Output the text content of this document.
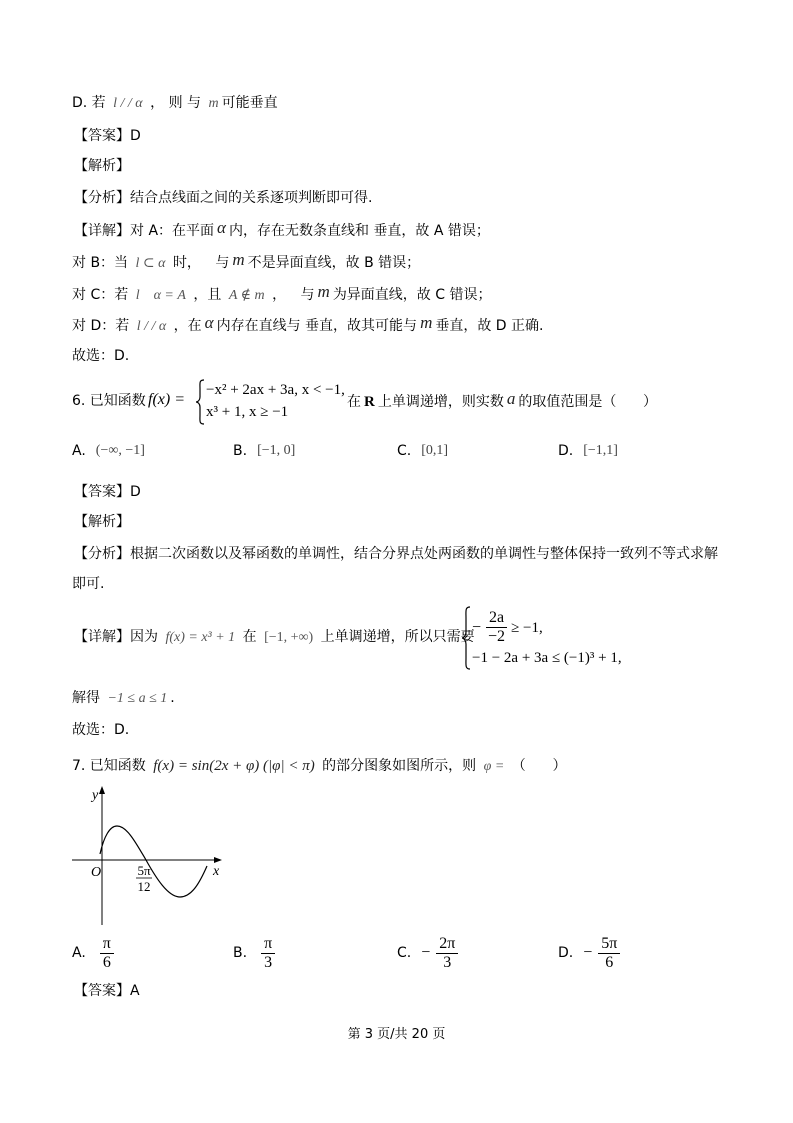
D. 若 l / / α ， 则 与 m 可能垂直
【答案】D
【解析】
【分析】结合点线面之间的关系逐项判断即可得.
【详解】对 A：在平面 α 内，存在无数条直线和 垂直，故 A 错误；
对 B：当 l ⊂ α 时， 与 m 不是异面直线，故 B 错误；
对 C：若 l    α = A ，且 A ∉ m ， 与 m 为异面直线，故 C 错误；
对 D：若 l / / α ，在 α 内存在直线与 垂直，故其可能与 m 垂直，故 D 正确.
故选：D.
6. 已知函数 f(x) =
−x² + 2ax + 3a, x < −1,
x³ + 1, x ≥ −1
在 R 上单调递增，则实数 a 的取值范围是（      ）
A. (−∞, −1]	B. [−1, 0]	C. [0,1]	D. [−1,1]
【答案】D
【解析】
【分析】根据二次函数以及幂函数的单调性，结合分界点处两函数的单调性与整体保持一致列不等式求解
即可.
【详解】因为 f(x) = x³ + 1 在 [−1, +∞) 上单调递增，所以只需要
− $\frac{2a}{-2} \ge -1$,
−1 − 2a + 3a ≤ (−1)³ + 1,
解得 −1 ≤ a ≤ 1 .
故选：D.
7. 已知函数 f(x) = sin(2x + φ) (|φ| < π) 的部分图象如图所示，则 φ = （      ）
y
O	x
5π
12
A. $\frac{\pi}{6}$	B. $\frac{\pi}{3}$	C. − $\frac{2\pi}{3}$	D. − $\frac{5\pi}{6}$
【答案】A
第 3 页/共 20 页
